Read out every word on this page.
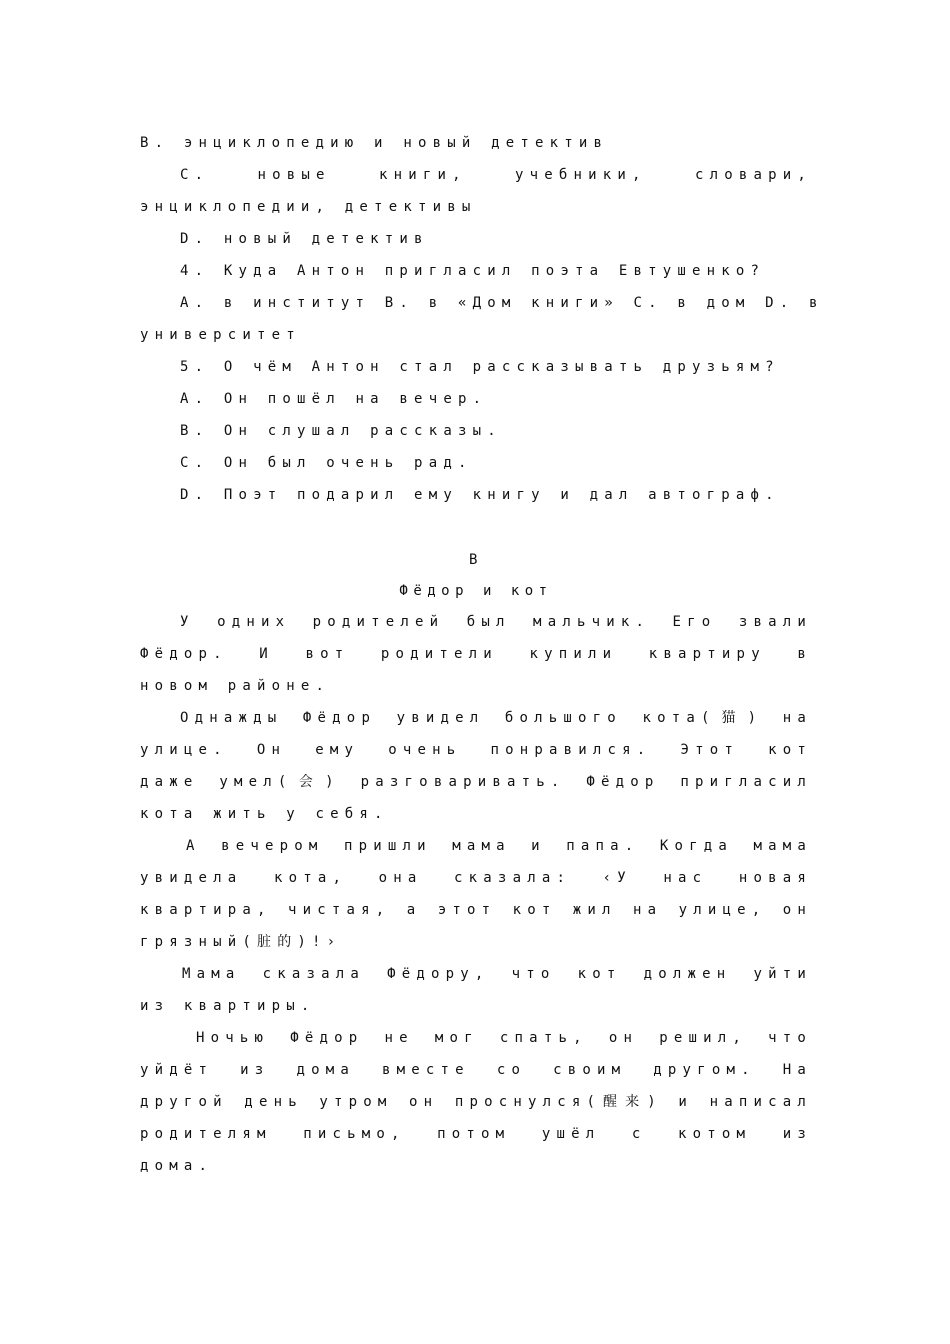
B. энциклопедию и новый детектив
C. новые книги, учебники, словари,
энциклопедии, детективы
D. новый детектив
4. Куда Антон пригласил поэта Евтушенко?
A. в институт B. в «Дом книги» C. в дом D. в
университет
5. О чём Антон стал рассказывать друзьям?
A. Он пошёл на вечер.
B. Он слушал рассказы.
C. Он был очень рад.
D. Поэт подарил ему книгу и дал автограф.
B
Фёдор и кот
У одних родителей был мальчик. Его звали
Фёдор. И вот родители купили квартиру в
новом районе.
Однажды Фёдор увидел большого кота(猫) на
улице. Он ему очень понравился. Этот кот
даже умел(会) разговаривать. Фёдор пригласил
кота жить у себя.
А вечером пришли мама и папа. Когда мама
увидела кота, она сказала: ‹У нас новая
квартира, чистая, а этот кот жил на улице, он
грязный(脏的)!›
Мама сказала Фёдору, что кот должен уйти
из квартиры.
Ночью Фёдор не мог спать, он решил, что
уйдёт из дома вместе со своим другом. На
другой день утром он проснулся(醒来) и написал
родителям письмо, потом ушёл с котом из
дома.
